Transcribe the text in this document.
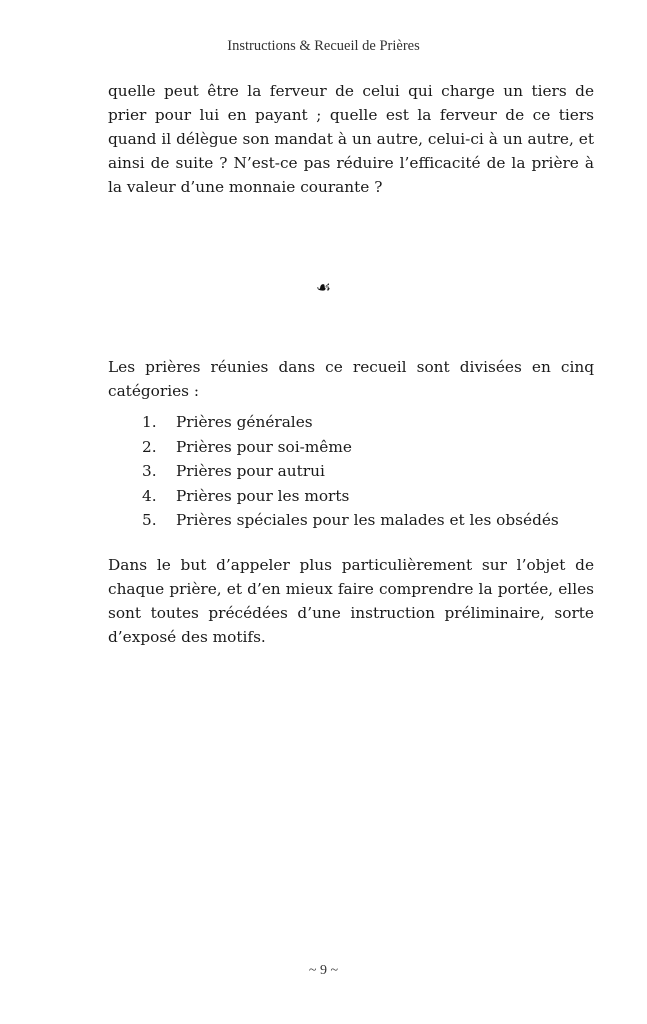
Instructions & Recueil de Prières

quelle peut être la ferveur de celui qui charge un tiers de prier pour lui en payant ; quelle est la ferveur de ce tiers quand il délègue son mandat à un autre, celui-ci à un autre, et ainsi de suite ? N’est-ce pas réduire l’efficacité de la prière à la valeur d’une monnaie courante ?

☙

Les prières réunies dans ce recueil sont divisées en cinq catégories :

1.	Prières générales
2.	Prières pour soi-même
3.	Prières pour autrui
4.	Prières pour les morts
5.	Prières spéciales pour les malades et les obsédés

Dans le but d’appeler plus particulièrement sur l’objet de chaque prière, et d’en mieux faire comprendre la portée, elles sont toutes précédées d’une instruction préliminaire, sorte d’exposé des motifs.

~ 9 ~
